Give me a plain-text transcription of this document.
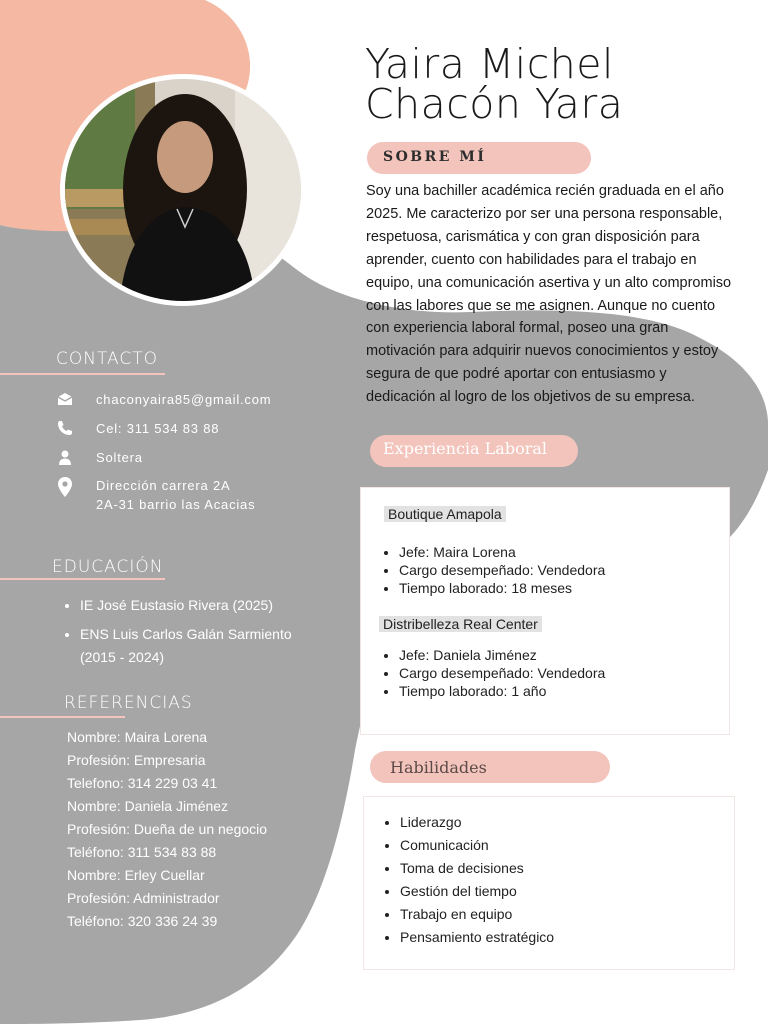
Yaira Michel
Chacón Yara
SOBRE MÍ
Soy una bachiller académica recién graduada en el año 2025. Me caracterizo por ser una persona responsable, respetuosa, carismática y con gran disposición para aprender, cuento con habilidades para el trabajo en equipo, una comunicación asertiva y un alto compromiso con las labores que se me asignen. Aunque no cuento con experiencia laboral formal, poseo una gran motivación para adquirir nuevos conocimientos y estoy segura de que podré aportar con entusiasmo y dedicación al logro de los objetivos de su empresa.
Experiencia Laboral
Boutique Amapola
• Jefe: Maira Lorena
• Cargo desempeñado: Vendedora
• Tiempo laborado: 18 meses
Distribelleza Real Center
• Jefe: Daniela Jiménez
• Cargo desempeñado: Vendedora
• Tiempo laborado: 1 año
Habilidades
• Liderazgo
• Comunicación
• Toma de decisiones
• Gestión del tiempo
• Trabajo en equipo
• Pensamiento estratégico
CONTACTO
chaconyaira85@gmail.com
Cel: 311 534 83 88
Soltera
Dirección carrera 2A
2A-31 barrio las Acacias
EDUCACIÓN
• IE José Eustasio Rivera (2025)
• ENS Luis Carlos Galán Sarmiento
(2015 - 2024)
REFERENCIAS
Nombre: Maira Lorena
Profesión: Empresaria
Telefono: 314 229 03 41
Nombre: Daniela Jiménez
Profesión: Dueña de un negocio
Teléfono: 311 534 83 88
Nombre: Erley Cuellar
Profesión: Administrador
Teléfono: 320 336 24 39
